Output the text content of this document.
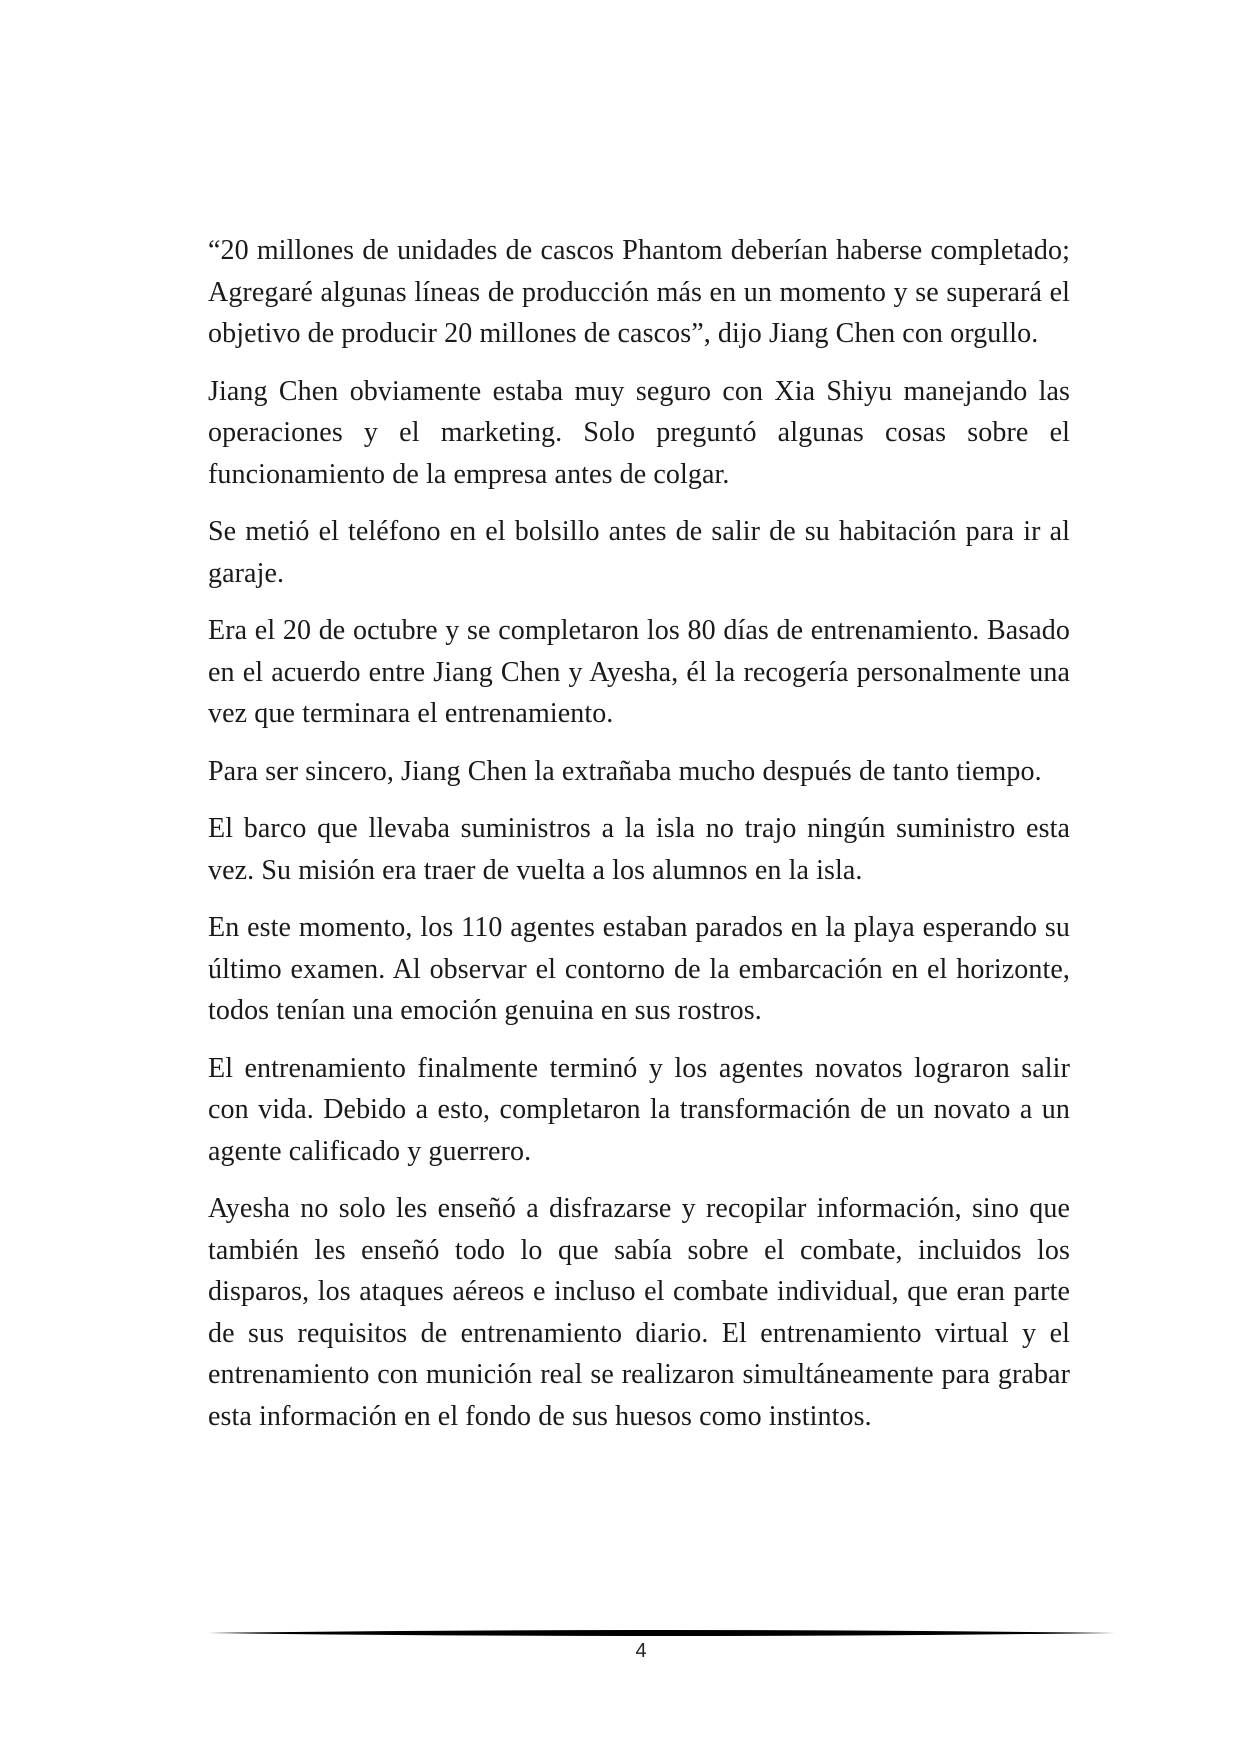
“20 millones de unidades de cascos Phantom deberían haberse completado; Agregaré algunas líneas de producción más en un momento y se superará el objetivo de producir 20 millones de cascos”, dijo Jiang Chen con orgullo.

Jiang Chen obviamente estaba muy seguro con Xia Shiyu manejando las operaciones y el marketing. Solo preguntó algunas cosas sobre el funcionamiento de la empresa antes de colgar.

Se metió el teléfono en el bolsillo antes de salir de su habitación para ir al garaje.

Era el 20 de octubre y se completaron los 80 días de entrenamiento. Basado en el acuerdo entre Jiang Chen y Ayesha, él la recogería personalmente una vez que terminara el entrenamiento.

Para ser sincero, Jiang Chen la extrañaba mucho después de tanto tiempo.

El barco que llevaba suministros a la isla no trajo ningún suministro esta vez. Su misión era traer de vuelta a los alumnos en la isla.

En este momento, los 110 agentes estaban parados en la playa esperando su último examen. Al observar el contorno de la embarcación en el horizonte, todos tenían una emoción genuina en sus rostros.

El entrenamiento finalmente terminó y los agentes novatos lograron salir con vida. Debido a esto, completaron la transformación de un novato a un agente calificado y guerrero.

Ayesha no solo les enseñó a disfrazarse y recopilar información, sino que también les enseñó todo lo que sabía sobre el combate, incluidos los disparos, los ataques aéreos e incluso el combate individual, que eran parte de sus requisitos de entrenamiento diario. El entrenamiento virtual y el entrenamiento con munición real se realizaron simultáneamente para grabar esta información en el fondo de sus huesos como instintos.

4
